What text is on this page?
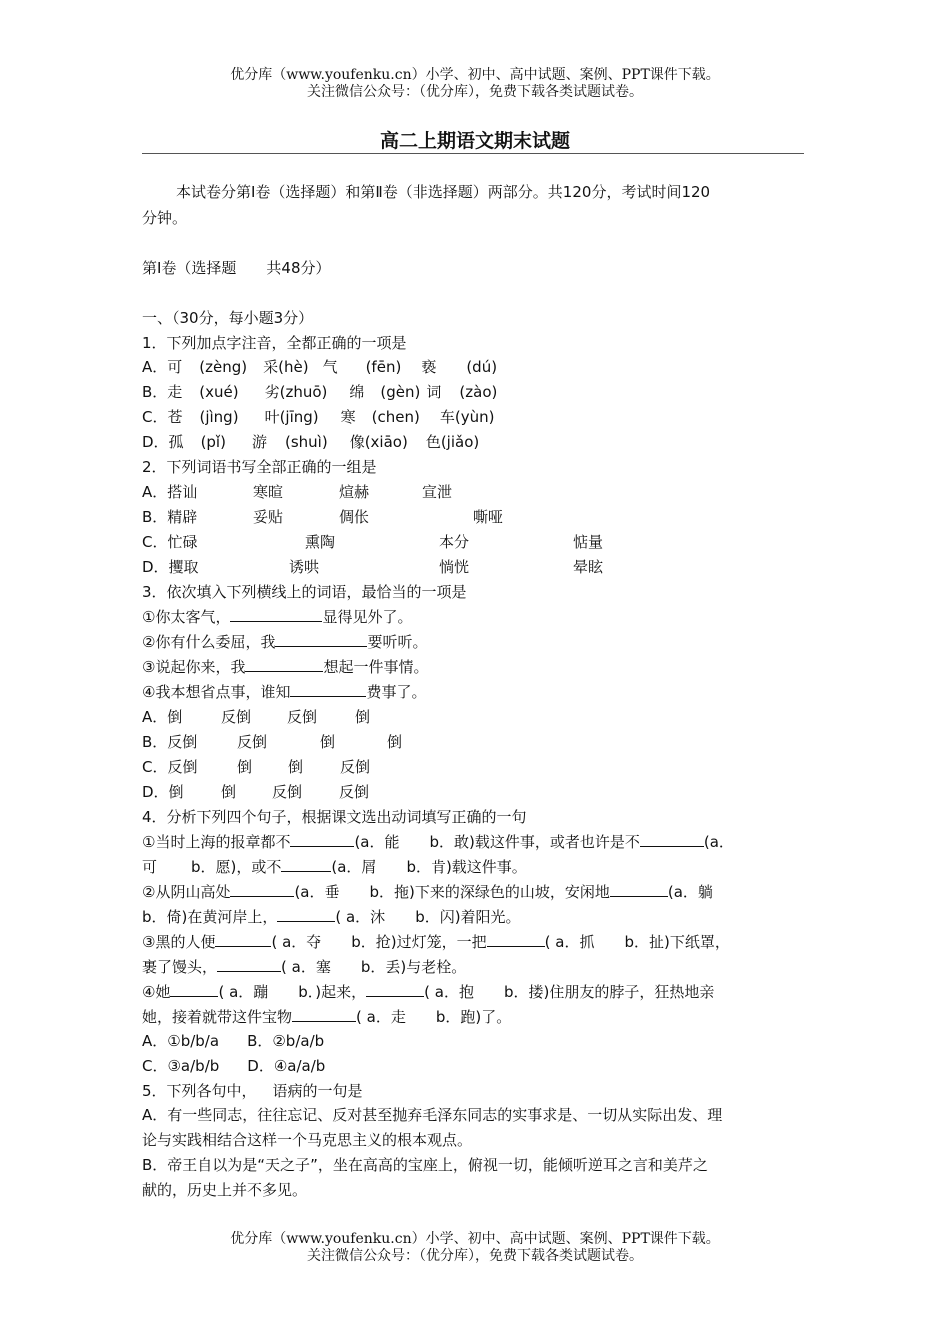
优分库（www.youfenku.cn）小学、初中、高中试题、案例、PPT课件下载。
关注微信公众号：（优分库），免费下载各类试题试卷。
高二上期语文期末试题
本试卷分第Ⅰ卷（选择题）和第Ⅱ卷（非选择题）两部分。共120分，考试时间120
分钟。
第Ⅰ卷（选择题　　共48分）
一、（30分，每小题3分）
1．下列加点字注音，全都正确的一项是
A．可 (zèng) 采(hè) 气 (fēn) 亵 (dú)
B．走 (xué) 劣(zhuō) 绵 (gèn) 词 (zào)
C．苍 (jìng) 叶(jīng) 寒 (chen) 车(yùn)
D．孤 (pǐ) 游 (shuì) 像(xiāo) 色(jiǎo)
2．下列词语书写全部正确的一组是
A．搭讪	寒暄	煊赫	宣泄
B．精辟	妥贴	倜伥	嘶哑
C．忙碌	熏陶	本分	惦量
D．攫取	诱哄	惝恍	晕眩
3．依次填入下列横线上的词语，最恰当的一项是
①你太客气，	显得见外了。
②你有什么委屈，我	要听听。
③说起你来，我	想起一件事情。
④我本想省点事，谁知	费事了。
A．倒	反倒 反倒	倒
B．反倒	反倒	倒	倒
C．反倒	倒 倒 反倒
D．倒 倒 反倒 反倒
4．分析下列四个句子，根据课文选出动词填写正确的一句
①当时上海的报章都不	(a．能 b．敢)载这件事，或者也许是不	(a．
可 b．愿)，或不	(a．屑 b．肯)载这件事。
②从阴山高处	(a．垂 b．拖)下来的深绿色的山坡，安闲地	(a．躺
b．倚)在黄河岸上，	( a．沐 b．闪)着阳光。
③黑的人便	( a．夺 b．抢)过灯笼，一把	( a．抓 b．扯)下纸罩，
裹了馒头，	( a．塞 b．丢)与老栓。
④她	( a．蹦 b．)起来，	( a．抱 b．搂)住朋友的脖子，狂热地亲
她，接着就带这件宝物	( a．走 b．跑)了。
A．①b/b/a B．②b/a/b
C．③a/b/b D．④a/a/b
5．下列各句中， 语病的一句是
A．有一些同志，往往忘记、反对甚至抛弃毛泽东同志的实事求是、一切从实际出发、理
论与实践相结合这样一个马克思主义的根本观点。
B．帝王自以为是“天之子”，坐在高高的宝座上，俯视一切，能倾听逆耳之言和美芹之
献的，历史上并不多见。
优分库（www.youfenku.cn）小学、初中、高中试题、案例、PPT课件下载。
关注微信公众号：（优分库），免费下载各类试题试卷。
